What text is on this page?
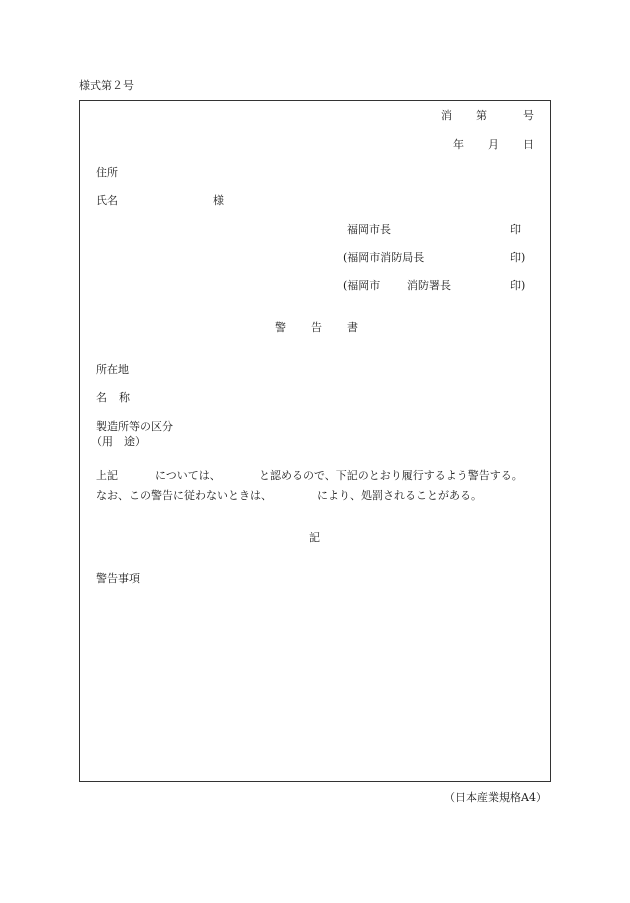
様式第２号
消 第	号
年 月 日
住所
氏名	様
福岡市長	印
(福岡市消防局長	印)
(福岡市 消防署長	印)
警 告 書
所在地
名 称
製造所等の区分
（用　途）
上記	については、	と認めるので、下記のとおり履行するよう警告する。
なお、この警告に従わないときは、	により、処罰されることがある。
記
警告事項
（日本産業規格A4）
